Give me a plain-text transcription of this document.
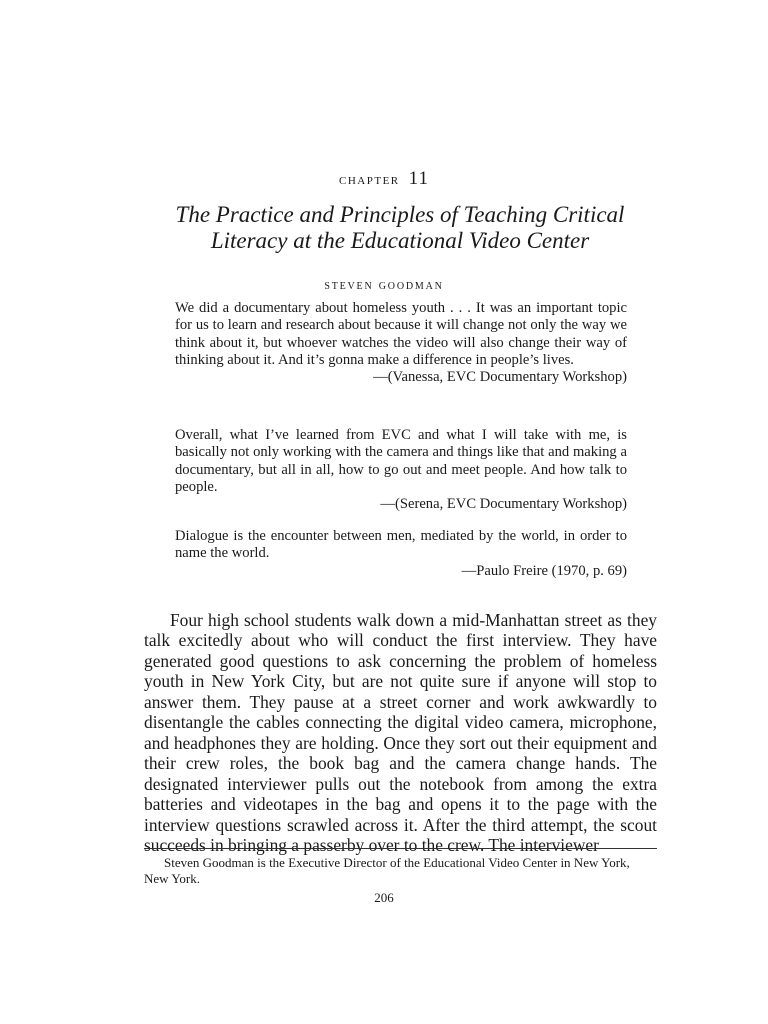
chapter 11
The Practice and Principles of Teaching Critical Literacy at the Educational Video Center
steven goodman

We did a documentary about homeless youth . . . It was an important topic for us to learn and research about because it will change not only the way we think about it, but whoever watches the video will also change their way of thinking about it. And it’s gonna make a difference in people’s lives.

—(Vanessa, EVC Documentary Workshop)

Overall, what I’ve learned from EVC and what I will take with me, is basically not only working with the camera and things like that and making a documentary, but all in all, how to go out and meet people. And how talk to people.

—(Serena, EVC Documentary Workshop)

Dialogue is the encounter between men, mediated by the world, in order to name the world.

—Paulo Freire (1970, p. 69)

Four high school students walk down a mid-Manhattan street as they talk excitedly about who will conduct the first interview. They have generated good questions to ask concerning the problem of homeless youth in New York City, but are not quite sure if anyone will stop to answer them. They pause at a street corner and work awkwardly to disentangle the cables connecting the digital video camera, microphone, and headphones they are holding. Once they sort out their equipment and their crew roles, the book bag and the camera change hands. The designated interviewer pulls out the notebook from among the extra batteries and videotapes in the bag and opens it to the page with the interview questions scrawled across it. After the third attempt, the scout succeeds in bringing a passerby over to the crew. The interviewer

Steven Goodman is the Executive Director of the Educational Video Center in New York, New York.

206
